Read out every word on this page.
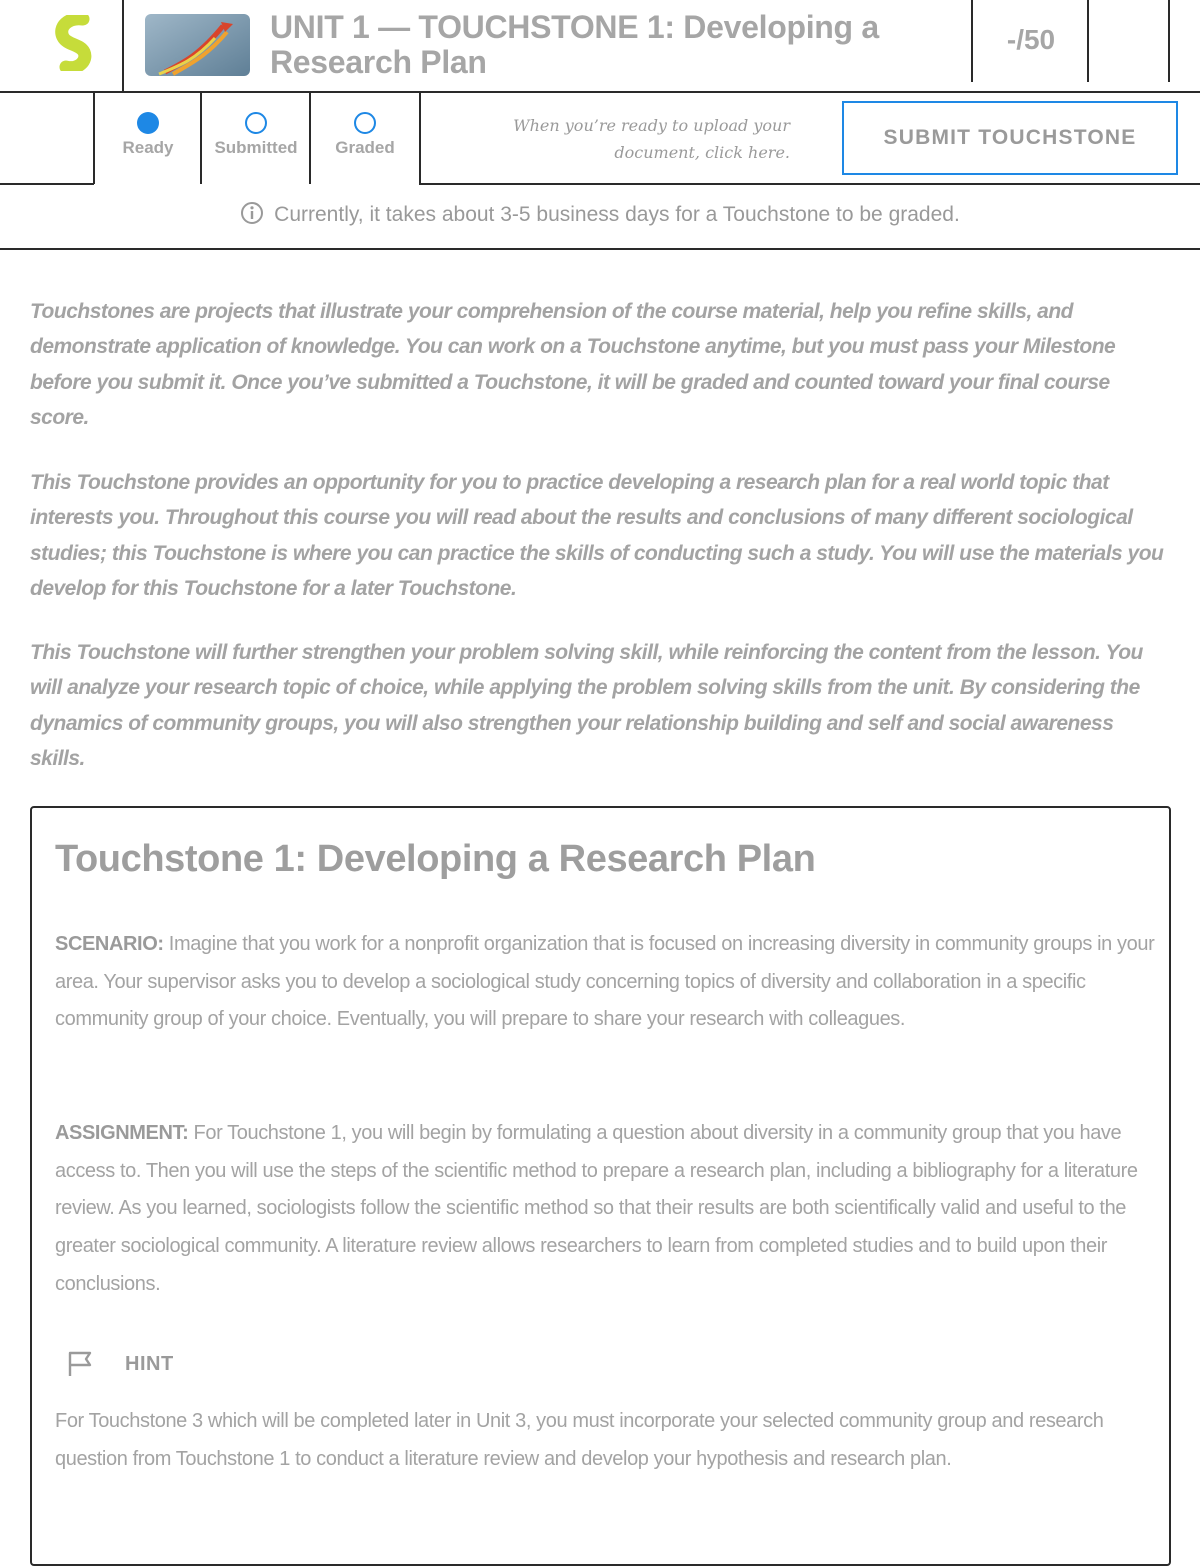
UNIT 1 — TOUCHSTONE 1: Developing a Research Plan
-/50
Ready	Submitted	Graded
When you’re ready to upload your document, click here.
SUBMIT TOUCHSTONE
Currently, it takes about 3-5 business days for a Touchstone to be graded.

Touchstones are projects that illustrate your comprehension of the course material, help you refine skills, and demonstrate application of knowledge. You can work on a Touchstone anytime, but you must pass your Milestone before you submit it. Once you’ve submitted a Touchstone, it will be graded and counted toward your final course score.

This Touchstone provides an opportunity for you to practice developing a research plan for a real world topic that interests you. Throughout this course you will read about the results and conclusions of many different sociological studies; this Touchstone is where you can practice the skills of conducting such a study. You will use the materials you develop for this Touchstone for a later Touchstone.

This Touchstone will further strengthen your problem solving skill, while reinforcing the content from the lesson. You will analyze your research topic of choice, while applying the problem solving skills from the unit. By considering the dynamics of community groups, you will also strengthen your relationship building and self and social awareness skills.

Touchstone 1: Developing a Research Plan

SCENARIO: Imagine that you work for a nonprofit organization that is focused on increasing diversity in community groups in your area. Your supervisor asks you to develop a sociological study concerning topics of diversity and collaboration in a specific community group of your choice. Eventually, you will prepare to share your research with colleagues.

ASSIGNMENT: For Touchstone 1, you will begin by formulating a question about diversity in a community group that you have access to. Then you will use the steps of the scientific method to prepare a research plan, including a bibliography for a literature review. As you learned, sociologists follow the scientific method so that their results are both scientifically valid and useful to the greater sociological community. A literature review allows researchers to learn from completed studies and to build upon their conclusions.

HINT

For Touchstone 3 which will be completed later in Unit 3, you must incorporate your selected community group and research question from Touchstone 1 to conduct a literature review and develop your hypothesis and research plan.
